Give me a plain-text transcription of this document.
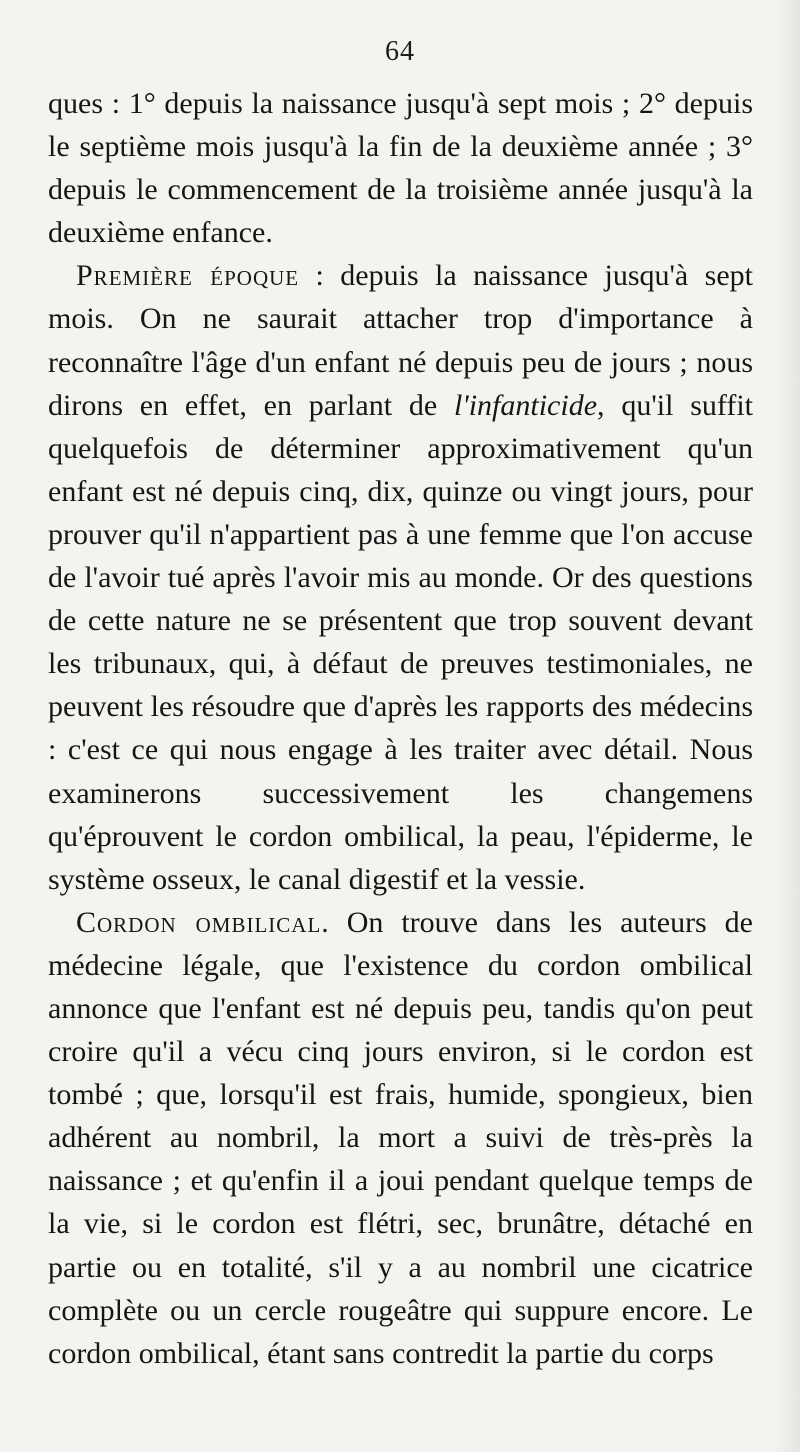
64

ques : 1° depuis la naissance jusqu'à sept mois ; 2° depuis le septième mois jusqu'à la fin de la deuxième année ; 3° depuis le commencement de la troisième année jusqu'à la deuxième enfance.

Première époque : depuis la naissance jusqu'à sept mois. On ne saurait attacher trop d'importance à reconnaître l'âge d'un enfant né depuis peu de jours ; nous dirons en effet, en parlant de l'infanticide, qu'il suffit quelquefois de déterminer approximativement qu'un enfant est né depuis cinq, dix, quinze ou vingt jours, pour prouver qu'il n'appartient pas à une femme que l'on accuse de l'avoir tué après l'avoir mis au monde. Or des questions de cette nature ne se présentent que trop souvent devant les tribunaux, qui, à défaut de preuves testimoniales, ne peuvent les résoudre que d'après les rapports des médecins : c'est ce qui nous engage à les traiter avec détail. Nous examinerons successivement les changemens qu'éprouvent le cordon ombilical, la peau, l'épiderme, le système osseux, le canal digestif et la vessie.

Cordon ombilical. On trouve dans les auteurs de médecine légale, que l'existence du cordon ombilical annonce que l'enfant est né depuis peu, tandis qu'on peut croire qu'il a vécu cinq jours environ, si le cordon est tombé ; que, lorsqu'il est frais, humide, spongieux, bien adhérent au nombril, la mort a suivi de très-près la naissance ; et qu'enfin il a joui pendant quelque temps de la vie, si le cordon est flétri, sec, brunâtre, détaché en partie ou en totalité, s'il y a au nombril une cicatrice complète ou un cercle rougeâtre qui suppure encore. Le cordon ombilical, étant sans contredit la partie du corps
